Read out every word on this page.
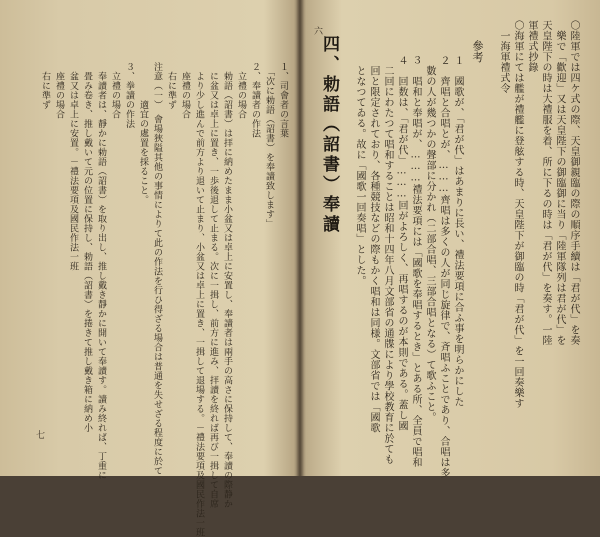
六	〇陸軍では四ケ式の際、天皇御親臨の際の順序手續は「君が代」を奏
　樂で「歡迎」又は天皇陛下の御臨御に当り「陸軍隊列は君が代」を
天皇陛下の時は大禮服を着、所に下るの時は「君が代」を奏す。一陸
軍禮式抄錄
〇海軍にては艦が禮艦に登舷する時、天皇陛下が御臨の時「君が代」を一回奏樂す
　一海軍禮式令
參考
１　國歌が、「君が代」はあまりに長い、禮法要項に合ふ事を明らかにした
２　齊唱と合唱とが、………齊唱は多くの人が同じ旋律で、斉唱ふことであり、合唱は多
　數の人が幾つかの聲部に分かれ（二部合唱、三部合唱となる）て歌ふこと。
３　唱和と奉唱が、………禮法要項には「國歌を奉唱するとき」とある所、全員で唱和
４　回数は、「君が代」………回がよろしく、再唱するのが本則である。蓋し國
　二回にわたつて唱和することは昭和十四年八月文部省の通牒により學校教育に於ても
　回と限定されており、各種競技などの際もかく唱和は同様。文部省では「國歌
　となつてゐる。故に「國歌一回奏唱」とした。
四、勅語（詔書）奉讀
七
１、司會者の言葉
　「次に勅語（詔書）を奉讀致します」
２、奉讀者の作法
　立禮の場合
　勅語（詔書）は拝に納めたまま小盆又は卓上に安置し、奉讀者は兩手の高さに保持して、奉讀の際静か
　に盆又は卓上に置き、一歩後退して止まる。次に一揖し、前方に進み、拝讀を終れば再び一揖して自席
　より少し進んで前方より退いて止まり、小盆又は卓上に置き、一揖して退場する。－禮法要項及國民作法一班
　座禮の場合
　右に準ず
注意（一）　會場狹隘其他の事情によりて此の作法を行ひ得ざる場合は普通を失せざる程度に於て
　　　　適宜の處置を採ること。
３、拳讀の作法
　立禮の場合
　奉讀者は、靜かに勅語（詔書）を取り出し、推し戴き靜かに開いて奉讀す。讀み終れば、丁重に
　畳み卷き、推し戴いて元の位置に保持し、勅語（詔書）を捲きて推し戴き箱に納め小
　盆又は卓上に安置。－禮法要項及國民作法一班
　座禮の場合
　右に準ず
